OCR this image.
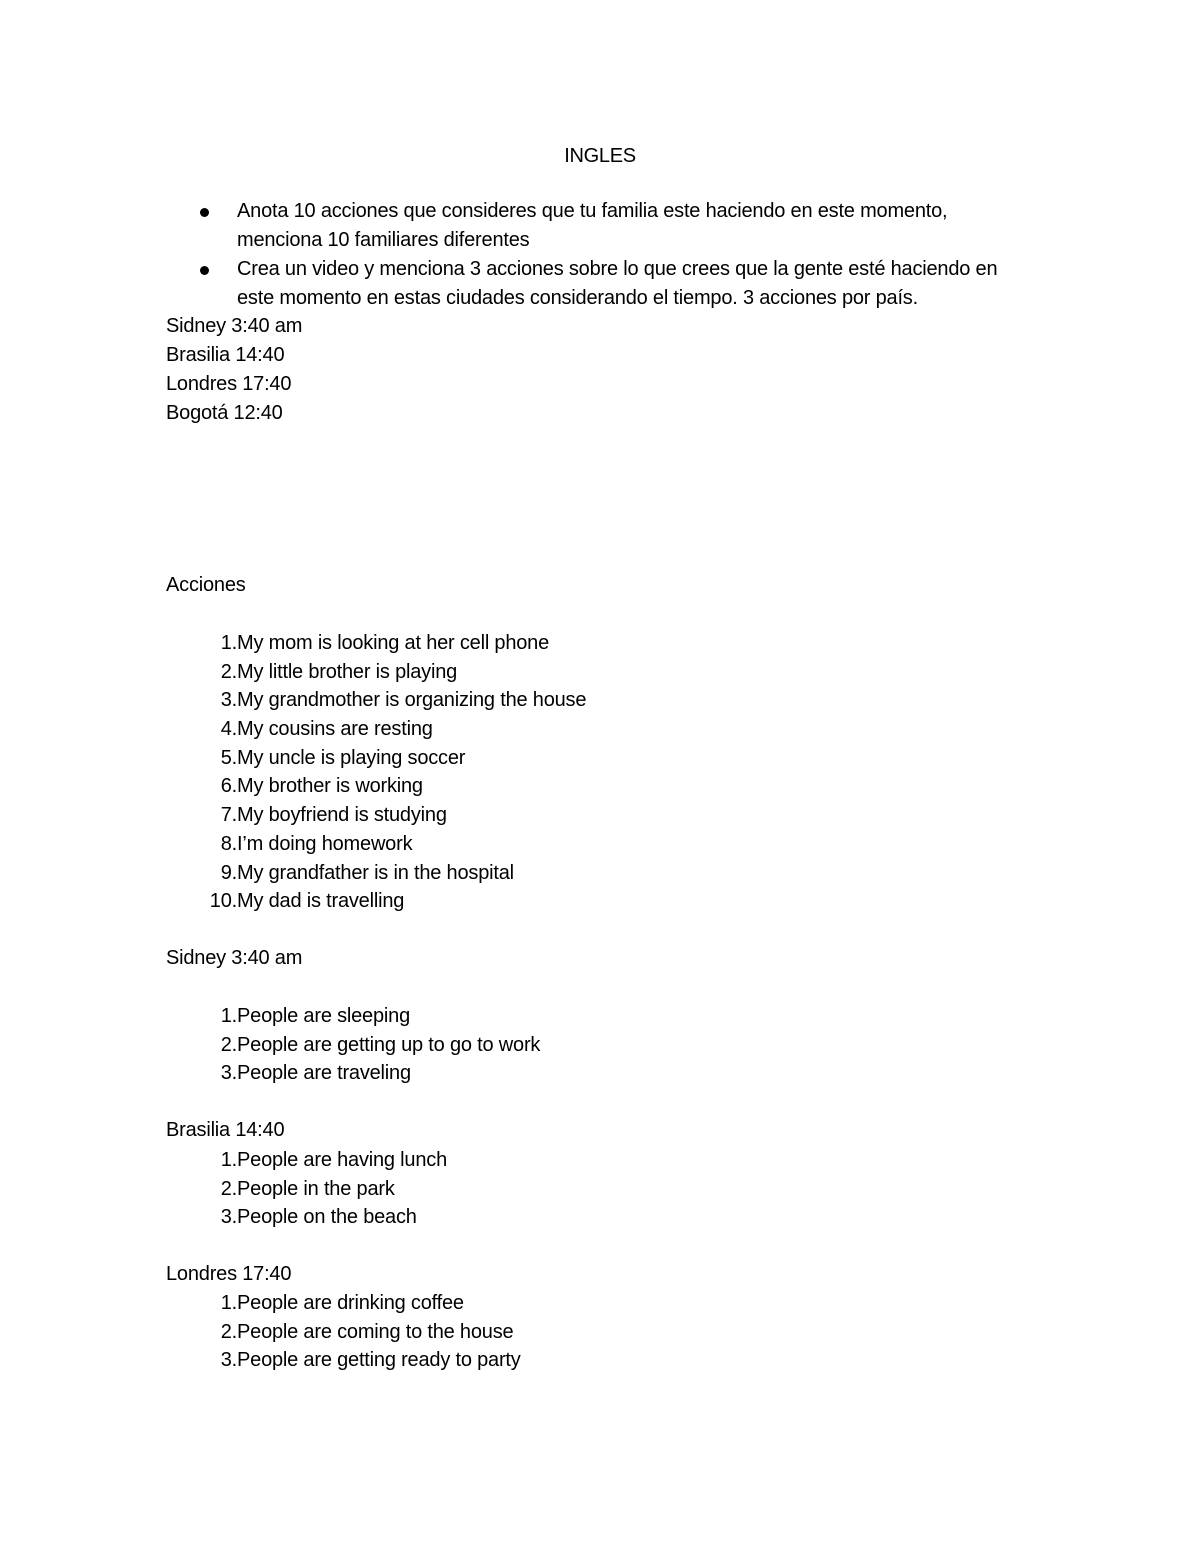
INGLES
Anota 10 acciones que consideres que tu familia este haciendo en este momento, menciona 10 familiares diferentes
Crea un video y menciona 3 acciones sobre lo que crees que la gente esté haciendo en este momento en estas ciudades considerando el tiempo. 3 acciones por país.
Sidney 3:40 am
Brasilia 14:40
Londres 17:40
Bogotá 12:40
Acciones
1. My mom is looking at her cell phone
2. My little brother is playing
3. My grandmother is organizing the house
4. My cousins are resting
5. My uncle is playing soccer
6. My brother is working
7. My boyfriend is studying
8. I’m doing homework
9. My grandfather is in the hospital
10. My dad is travelling
Sidney 3:40 am
1. People are sleeping
2. People are getting up to go to work
3. People are traveling
Brasilia 14:40
1. People are having lunch
2. People in the park
3. People on the beach
Londres 17:40
1. People are drinking coffee
2. People are coming to the house
3. People are getting ready to party
